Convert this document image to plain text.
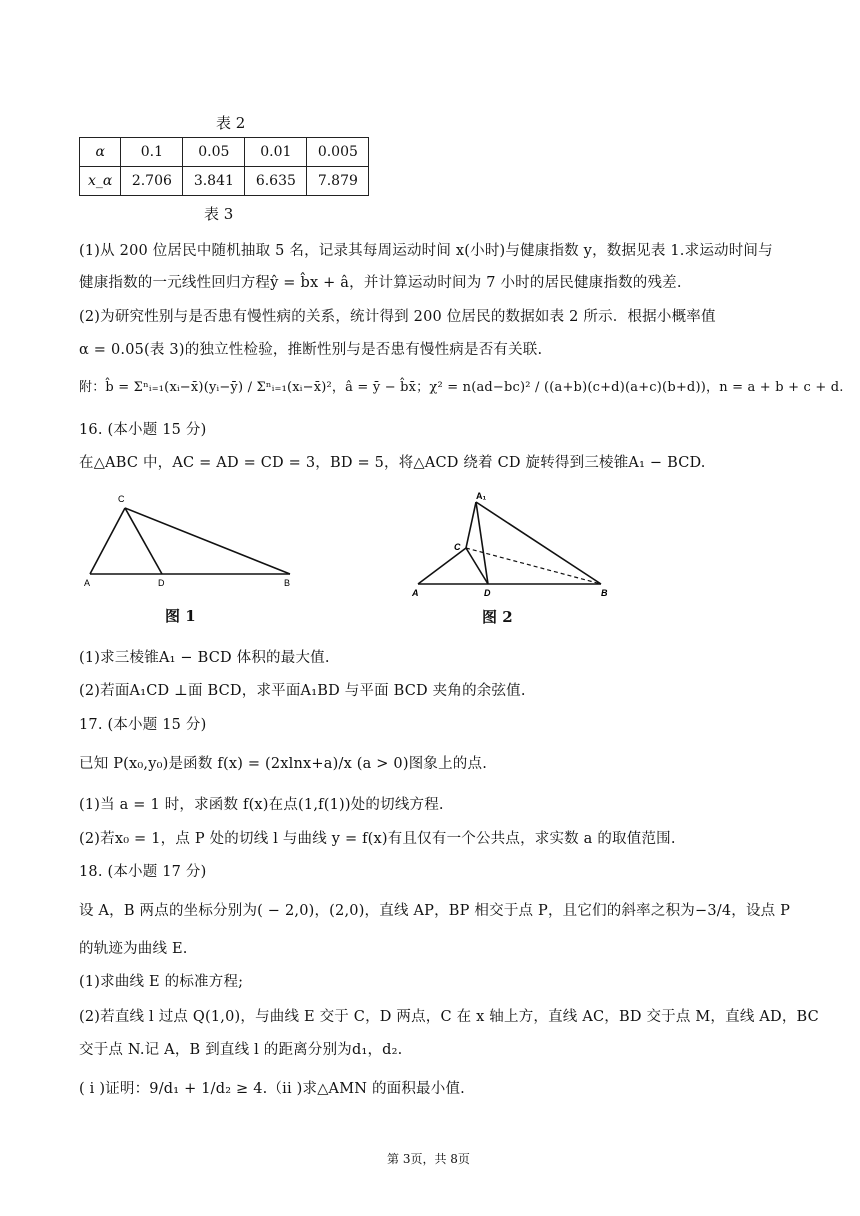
表 2
α	0.1	0.05	0.01	0.005
x_α	2.706	3.841	6.635	7.879
表 3
(1)从 200 位居民中随机抽取 5 名，记录其每周运动时间 x(小时)与健康指数 y，数据见表 1.求运动时间与
健康指数的一元线性回归方程ŷ = b̂x + â，并计算运动时间为 7 小时的居民健康指数的残差.
(2)为研究性别与是否患有慢性病的关系，统计得到 200 位居民的数据如表 2 所示．根据小概率值
α = 0.05(表 3)的独立性检验，推断性别与是否患有慢性病是否有关联.
附：b̂ = Σⁿᵢ₌₁(xᵢ−x̄)(yᵢ−ȳ) / Σⁿᵢ₌₁(xᵢ−x̄)²，â = ȳ − b̂x̄；χ² = n(ad−bc)² / ((a+b)(c+d)(a+c)(b+d))，n = a + b + c + d.
16. (本小题 15 分)
在△ABC 中，AC = AD = CD = 3，BD = 5，将△ACD 绕着 CD 旋转得到三棱锥A₁ − BCD.
C
A	D	B
图 1
A₁
C
A	D	B
图 2
(1)求三棱锥A₁ − BCD 体积的最大值.
(2)若面A₁CD ⊥面 BCD，求平面A₁BD 与平面 BCD 夹角的余弦值.
17. (本小题 15 分)
已知 P(x₀,y₀)是函数 f(x) = (2xlnx+a)/x (a > 0)图象上的点.
(1)当 a = 1 时，求函数 f(x)在点(1,f(1))处的切线方程.
(2)若x₀ = 1，点 P 处的切线 l 与曲线 y = f(x)有且仅有一个公共点，求实数 a 的取值范围.
18. (本小题 17 分)
设 A，B 两点的坐标分别为( − 2,0)，(2,0)，直线 AP，BP 相交于点 P，且它们的斜率之积为−3/4，设点 P
的轨迹为曲线 E.
(1)求曲线 E 的标准方程;
(2)若直线 l 过点 Q(1,0)，与曲线 E 交于 C，D 两点，C 在 x 轴上方，直线 AC，BD 交于点 M，直线 AD，BC
交于点 N.记 A，B 到直线 l 的距离分别为d₁，d₂.
( i )证明：9/d₁ + 1/d₂ ≥ 4.（ii )求△AMN 的面积最小值.
第 3页，共 8页
